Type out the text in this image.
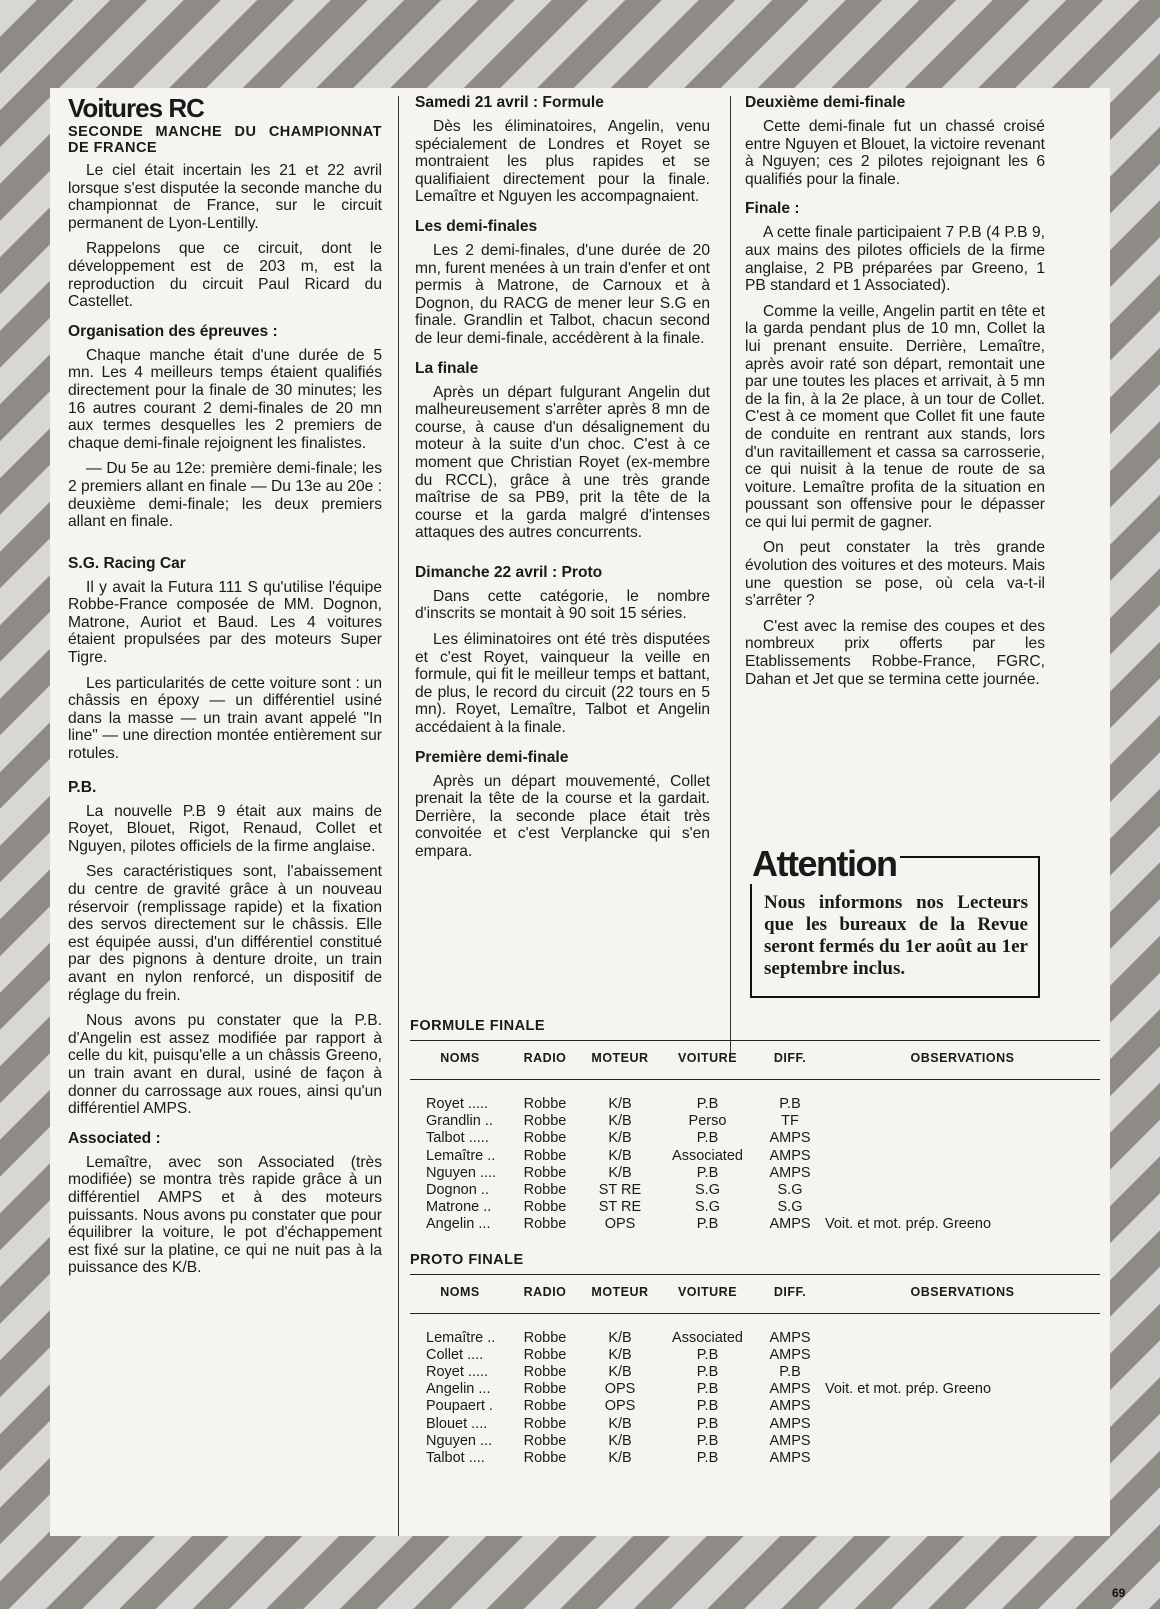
Voitures RC
SECONDE MANCHE DU CHAMPIONNAT DE FRANCE

Le ciel était incertain les 21 et 22 avril lorsque s'est disputée la seconde manche du championnat de France, sur le circuit permanent de Lyon-Lentilly.

Rappelons que ce circuit, dont le développement est de 203 m, est la reproduction du circuit Paul Ricard du Castellet.

Organisation des épreuves :

Chaque manche était d'une durée de 5 mn. Les 4 meilleurs temps étaient qualifiés directement pour la finale de 30 minutes; les 16 autres courant 2 demi-finales de 20 mn aux termes desquelles les 2 premiers de chaque demi-finale rejoignent les finalistes.

— Du 5e au 12e: première demi-finale; les 2 premiers allant en finale — Du 13e au 20e : deuxième demi-finale; les deux premiers allant en finale.

S.G. Racing Car

Il y avait la Futura 111 S qu'utilise l'équipe Robbe-France composée de MM. Dognon, Matrone, Auriot et Baud. Les 4 voitures étaient propulsées par des moteurs Super Tigre.

Les particularités de cette voiture sont : un châssis en époxy — un différentiel usiné dans la masse — un train avant appelé "In line" — une direction montée entièrement sur rotules.

P.B.

La nouvelle P.B 9 était aux mains de Royet, Blouet, Rigot, Renaud, Collet et Nguyen, pilotes officiels de la firme anglaise.

Ses caractéristiques sont, l'abaissement du centre de gravité grâce à un nouveau réservoir (remplissage rapide) et la fixation des servos directement sur le châssis. Elle est équipée aussi, d'un différentiel constitué par des pignons à denture droite, un train avant en nylon renforcé, un dispositif de réglage du frein.

Nous avons pu constater que la P.B. d'Angelin est assez modifiée par rapport à celle du kit, puisqu'elle a un châssis Greeno, un train avant en dural, usiné de façon à donner du carrossage aux roues, ainsi qu'un différentiel AMPS.

Associated :

Lemaître, avec son Associated (très modifiée) se montra très rapide grâce à un différentiel AMPS et à des moteurs puissants. Nous avons pu constater que pour équilibrer la voiture, le pot d'échappement est fixé sur la platine, ce qui ne nuit pas à la puissance des K/B.

Samedi 21 avril : Formule

Dès les éliminatoires, Angelin, venu spécialement de Londres et Royet se montraient les plus rapides et se qualifiaient directement pour la finale. Lemaître et Nguyen les accompagnaient.

Les demi-finales

Les 2 demi-finales, d'une durée de 20 mn, furent menées à un train d'enfer et ont permis à Matrone, de Carnoux et à Dognon, du RACG de mener leur S.G en finale. Grandlin et Talbot, chacun second de leur demi-finale, accédèrent à la finale.

La finale

Après un départ fulgurant Angelin dut malheureusement s'arrêter après 8 mn de course, à cause d'un désalignement du moteur à la suite d'un choc. C'est à ce moment que Christian Royet (ex-membre du RCCL), grâce à une très grande maîtrise de sa PB9, prit la tête de la course et la garda malgré d'intenses attaques des autres concurrents.

Dimanche 22 avril : Proto

Dans cette catégorie, le nombre d'inscrits se montait à 90 soit 15 séries.

Les éliminatoires ont été très disputées et c'est Royet, vainqueur la veille en formule, qui fit le meilleur temps et battant, de plus, le record du circuit (22 tours en 5 mn). Royet, Lemaître, Talbot et Angelin accédaient à la finale.

Première demi-finale

Après un départ mouvementé, Collet prenait la tête de la course et la gardait. Derrière, la seconde place était très convoitée et c'est Verplancke qui s'en empara.

Deuxième demi-finale

Cette demi-finale fut un chassé croisé entre Nguyen et Blouet, la victoire revenant à Nguyen; ces 2 pilotes rejoignant les 6 qualifiés pour la finale.

Finale :

A cette finale participaient 7 P.B (4 P.B 9, aux mains des pilotes officiels de la firme anglaise, 2 PB préparées par Greeno, 1 PB standard et 1 Associated).

Comme la veille, Angelin partit en tête et la garda pendant plus de 10 mn, Collet la lui prenant ensuite. Derrière, Lemaître, après avoir raté son départ, remontait une par une toutes les places et arrivait, à 5 mn de la fin, à la 2e place, à un tour de Collet. C'est à ce moment que Collet fit une faute de conduite en rentrant aux stands, lors d'un ravitaillement et cassa sa carrosserie, ce qui nuisit à la tenue de route de sa voiture. Lemaître profita de la situation en poussant son offensive pour le dépasser ce qui lui permit de gagner.

On peut constater la très grande évolution des voitures et des moteurs. Mais une question se pose, où cela va-t-il s'arrêter ?

C'est avec la remise des coupes et des nombreux prix offerts par les Etablissements Robbe-France, FGRC, Dahan et Jet que se termina cette journée.

Attention
Nous informons nos Lecteurs que les bureaux de la Revue seront fermés du 1er août au 1er septembre inclus.
FORMULE FINALE
NOMS	RADIO	MOTEUR	VOITURE	DIFF.	OBSERVATIONS
Royet .....	Robbe	K/B	P.B	P.B	
Grandlin ..	Robbe	K/B	Perso	TF	
Talbot .....	Robbe	K/B	P.B	AMPS	
Lemaître ..	Robbe	K/B	Associated	AMPS	
Nguyen ....	Robbe	K/B	P.B	AMPS	
Dognon ..	Robbe	ST RE	S.G	S.G	
Matrone ..	Robbe	ST RE	S.G	S.G	
Angelin ...	Robbe	OPS	P.B	AMPS	Voit. et mot. prép. Greeno
PROTO FINALE
NOMS	RADIO	MOTEUR	VOITURE	DIFF.	OBSERVATIONS
Lemaître ..	Robbe	K/B	Associated	AMPS	
Collet ....	Robbe	K/B	P.B	AMPS	
Royet .....	Robbe	K/B	P.B	P.B	
Angelin ...	Robbe	OPS	P.B	AMPS	Voit. et mot. prép. Greeno
Poupaert .	Robbe	OPS	P.B	AMPS	
Blouet ....	Robbe	K/B	P.B	AMPS	
Nguyen ...	Robbe	K/B	P.B	AMPS	
Talbot ....	Robbe	K/B	P.B	AMPS	
69
